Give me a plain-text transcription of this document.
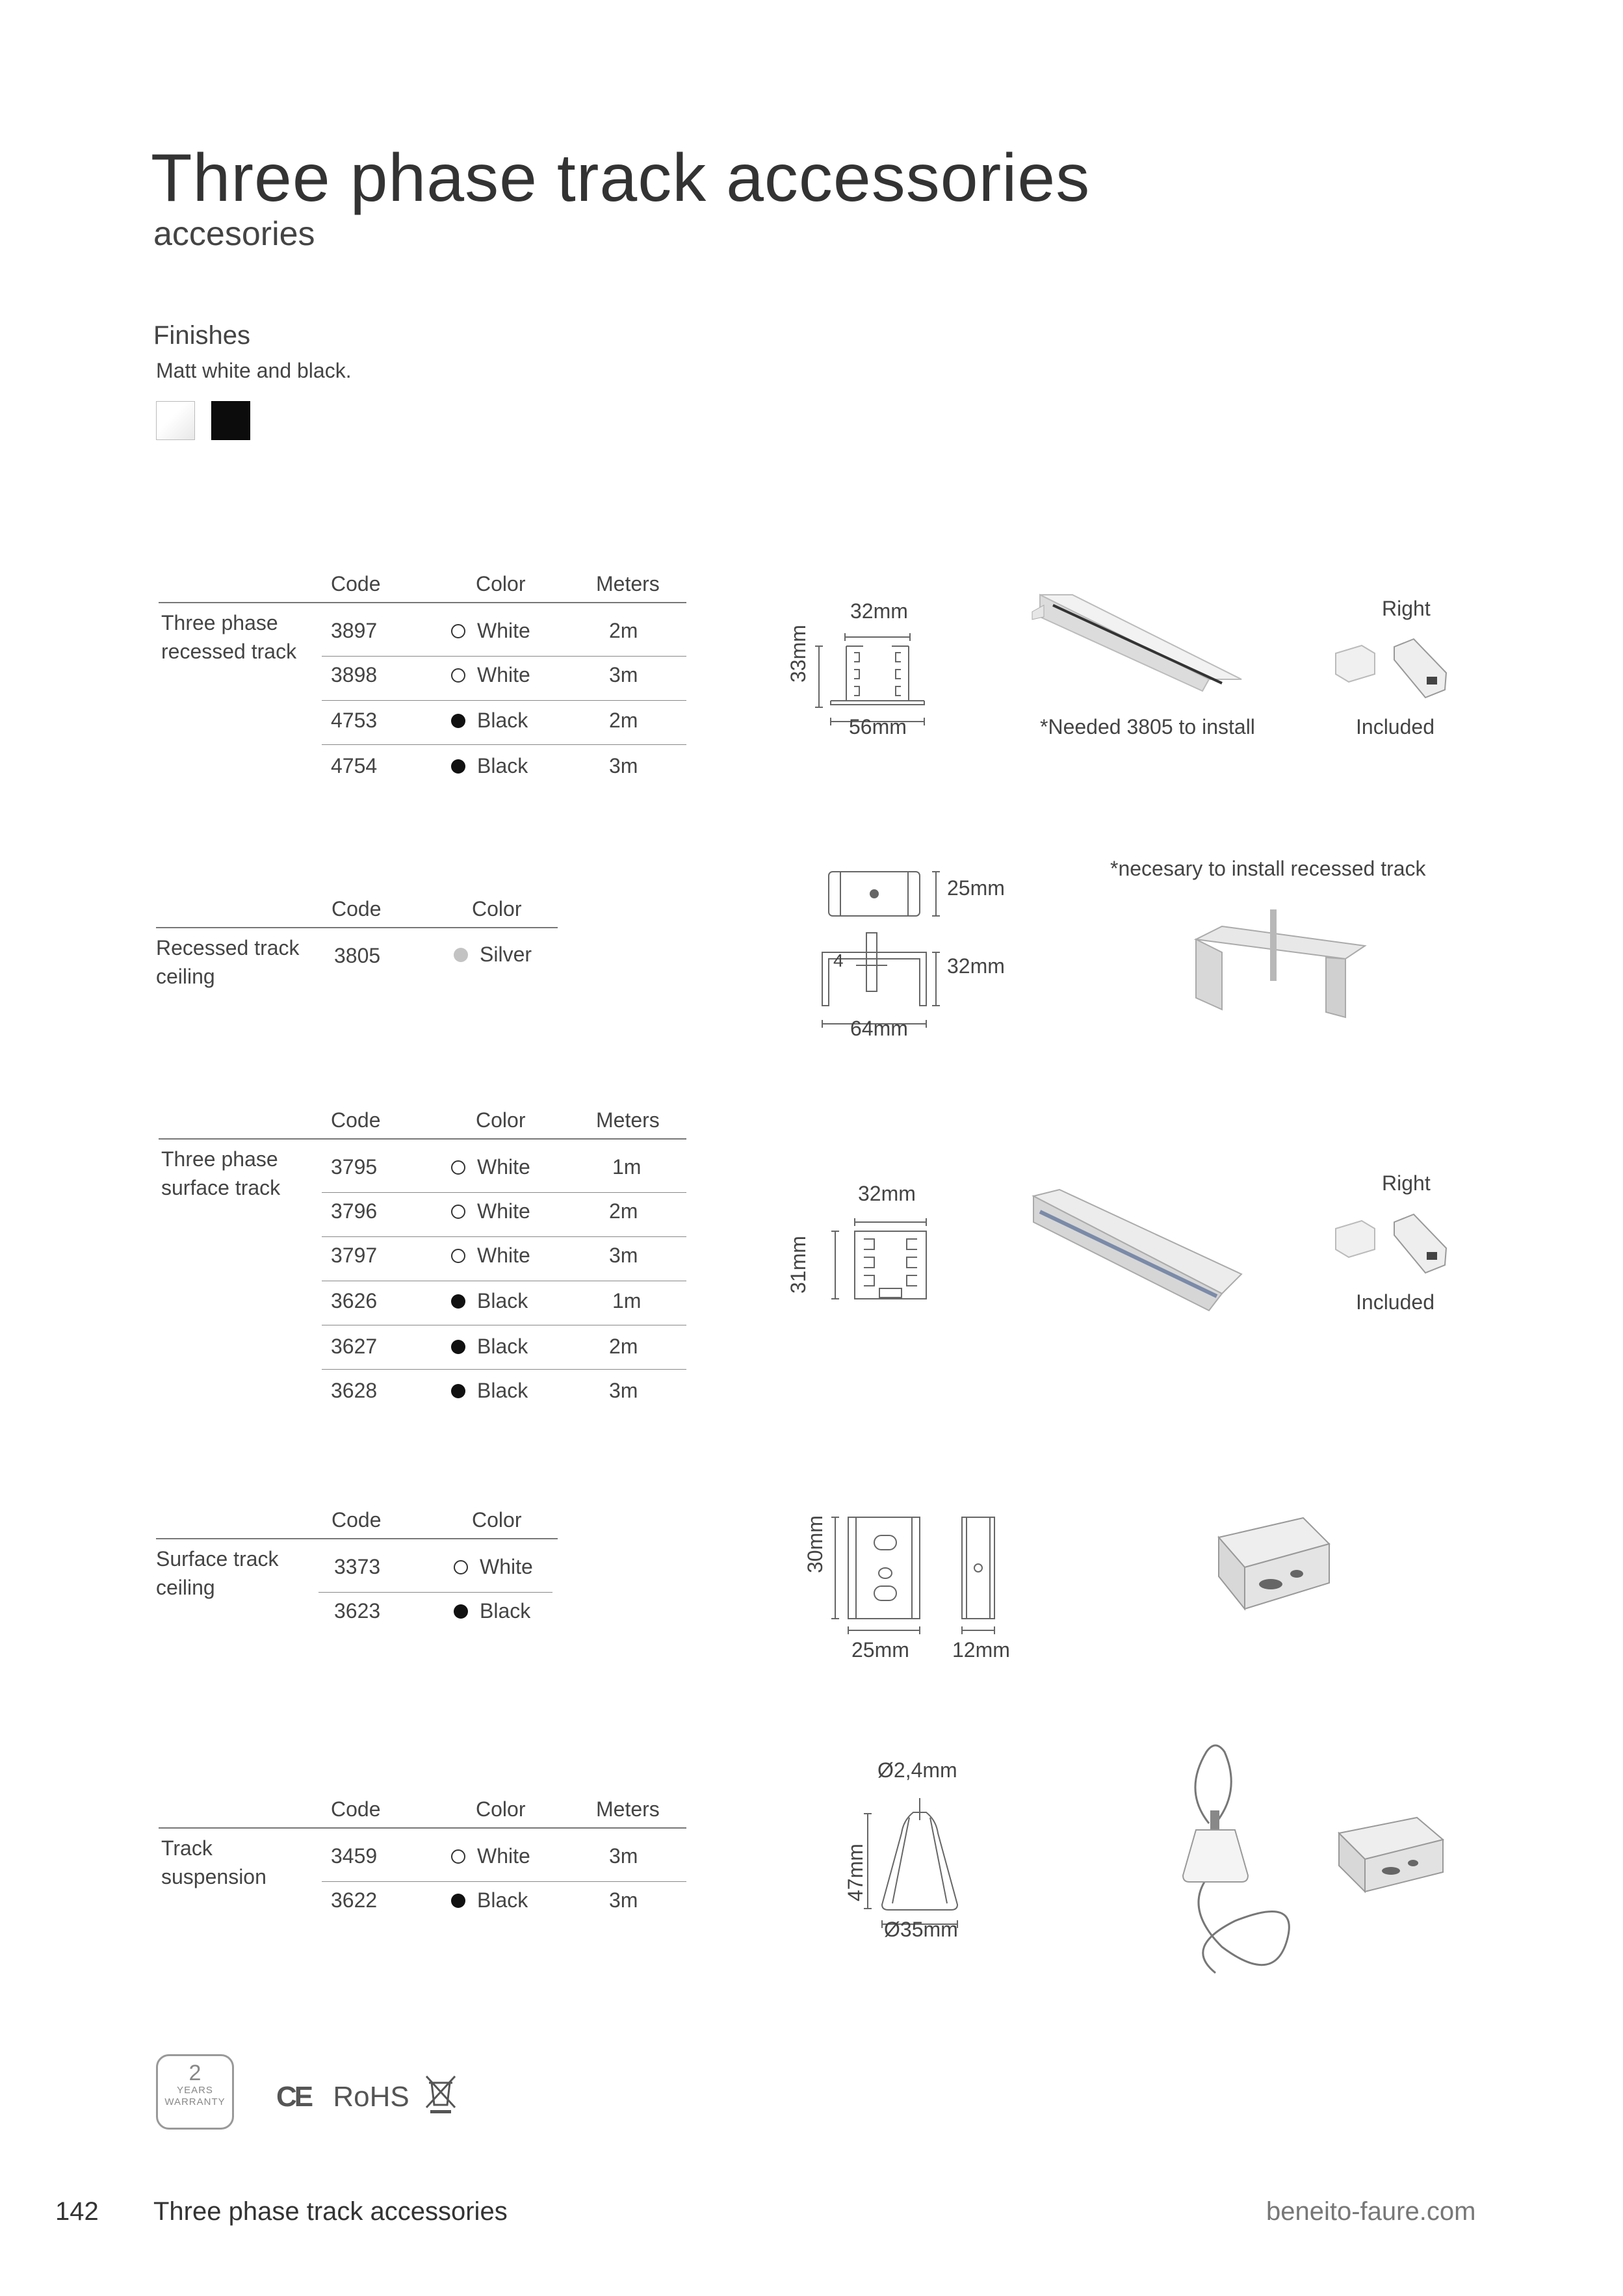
Three phase track accessories
accesories
Finishes
Matt white and black.
Code	Color	Meters
Three phase
recessed track
3897	White	2m
3898	White	3m
4753	Black	2m
4754	Black	3m
32mm
33mm
56mm	*Needed 3805 to install
Right
Included
Code	Color
Recessed track
ceiling
3805	Silver	4
25mm
32mm
64mm
*necesary to install recessed track
Code	Color	Meters
Three phase
surface track
3795	White	1m
3796	White	2m
3797	White	3m
3626	Black	1m
3627	Black	2m
3628	Black	3m
32mm
31mm
Right
Included
Code	Color
Surface track
ceiling
3373	White
3623	Black
30mm
25mm 12mm
Code	Color	Meters
Track
suspension
3459	White	3m
3622	Black	3m
Ø2,4mm
47mm
Ø35mm
2
YEARS
WARRANTY CE RoHS
142 Three phase track accessories	beneito-faure.com
